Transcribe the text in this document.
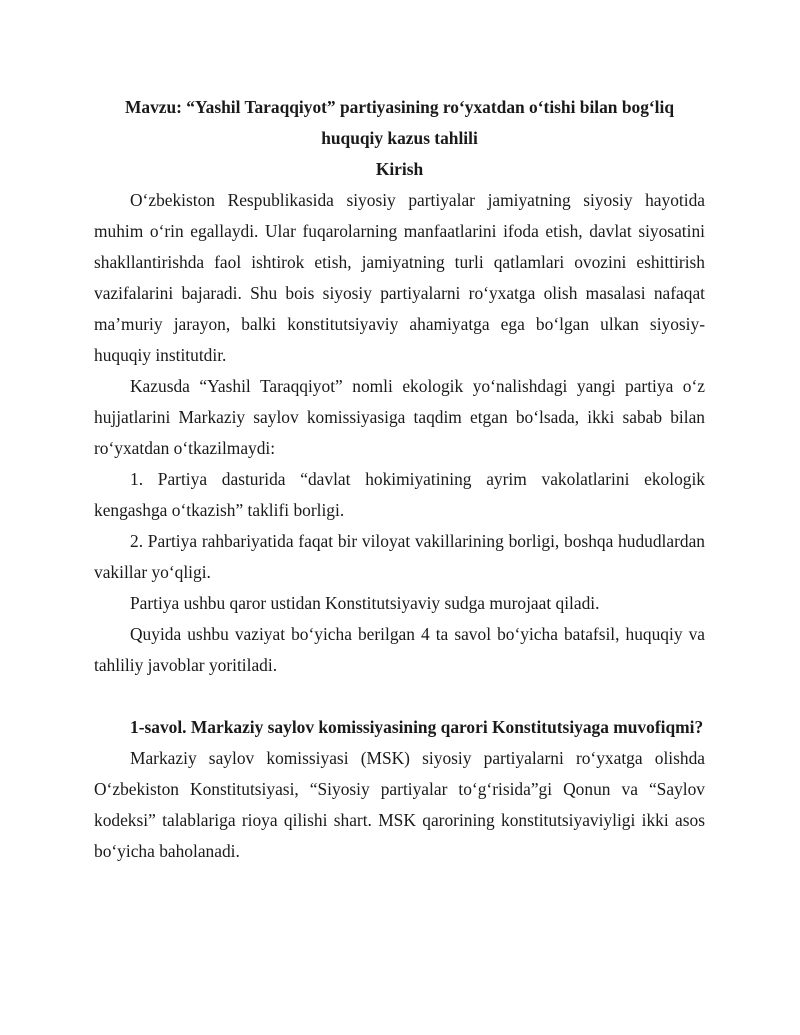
Mavzu: “Yashil Taraqqiyot” partiyasining roʻyxatdan oʻtishi bilan bogʻliq huquqiy kazus tahlili
Kirish

Oʻzbekiston Respublikasida siyosiy partiyalar jamiyatning siyosiy hayotida muhim oʻrin egallaydi. Ular fuqarolarning manfaatlarini ifoda etish, davlat siyosatini shakllantirishda faol ishtirok etish, jamiyatning turli qatlamlari ovozini eshittirish vazifalarini bajaradi. Shu bois siyosiy partiyalarni roʻyxatga olish masalasi nafaqat maʼmuriy jarayon, balki konstitutsiyaviy ahamiyatga ega boʻlgan ulkan siyosiy-huquqiy institutdir.

Kazusda “Yashil Taraqqiyot” nomli ekologik yoʻnalishdagi yangi partiya oʻz hujjatlarini Markaziy saylov komissiyasiga taqdim etgan boʻlsada, ikki sabab bilan roʻyxatdan oʻtkazilmaydi:

1. Partiya dasturida “davlat hokimiyatining ayrim vakolatlarini ekologik kengashga oʻtkazish” taklifi borligi.

2. Partiya rahbariyatida faqat bir viloyat vakillarining borligi, boshqa hududlardan vakillar yoʻqligi.

Partiya ushbu qaror ustidan Konstitutsiyaviy sudga murojaat qiladi.

Quyida ushbu vaziyat boʻyicha berilgan 4 ta savol boʻyicha batafsil, huquqiy va tahliliy javoblar yoritiladi.

1-savol. Markaziy saylov komissiyasining qarori Konstitutsiyaga muvofiqmi?

Markaziy saylov komissiyasi (MSK) siyosiy partiyalarni roʻyxatga olishda Oʻzbekiston Konstitutsiyasi, “Siyosiy partiyalar toʻgʻrisida”gi Qonun va “Saylov kodeksi” talablariga rioya qilishi shart. MSK qarorining konstitutsiyaviyligi ikki asos boʻyicha baholanadi.
